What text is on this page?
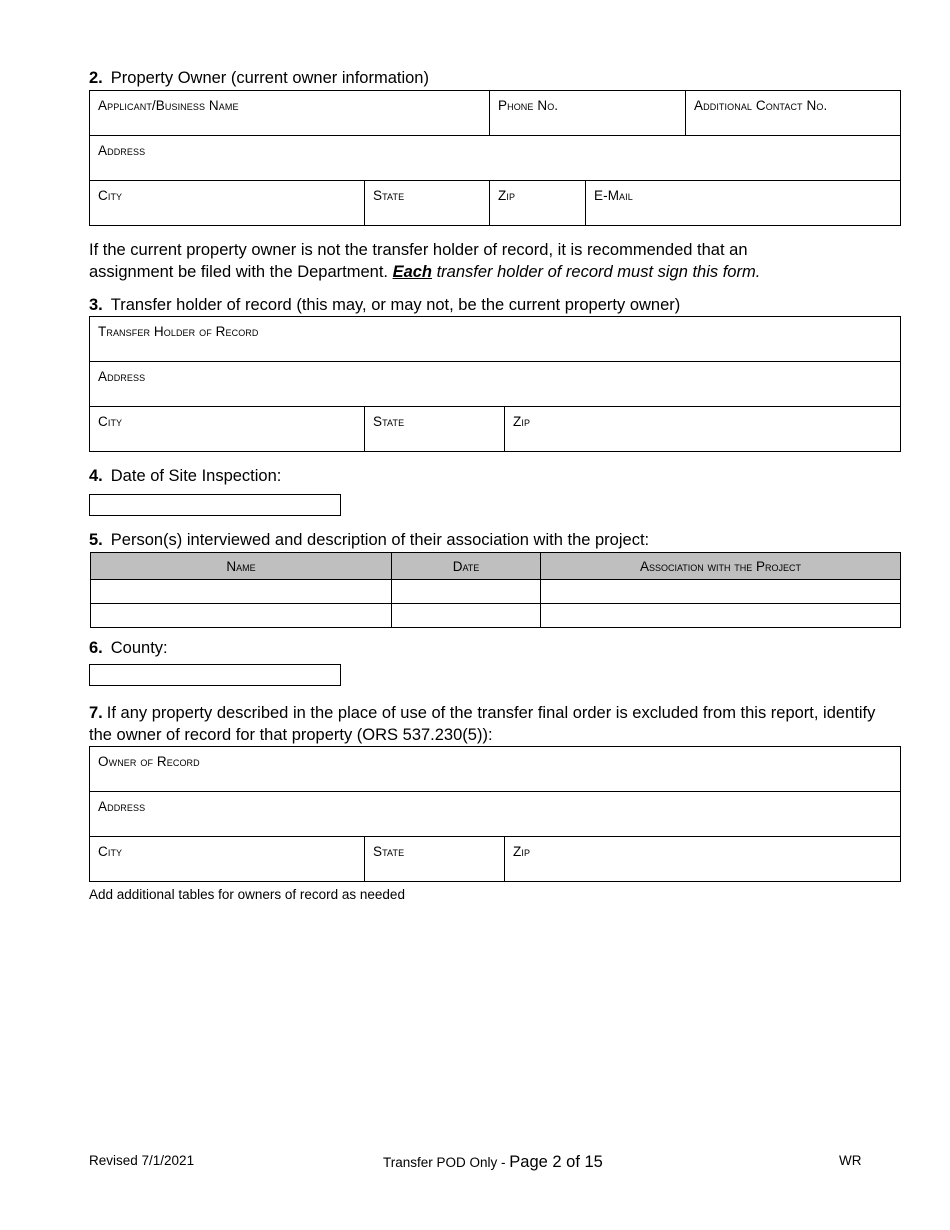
2. Property Owner (current owner information)
Applicant/Business Name		Phone No.		Additional Contact No.
Address				
City	State	Zip	E-Mail	
If the current property owner is not the transfer holder of record, it is recommended that an assignment be filed with the Department. Each transfer holder of record must sign this form.
3. Transfer holder of record (this may, or may not, be the current property owner)
Transfer Holder of Record
Address
City	State	Zip
4. Date of Site Inspection:
5. Person(s) interviewed and description of their association with the project:
Name	Date	Association with the Project

6. County:
7. If any property described in the place of use of the transfer final order is excluded from this report, identify the owner of record for that property (ORS 537.230(5)):
Owner of Record
Address
City	State	Zip
Add additional tables for owners of record as needed
Revised 7/1/2021	Transfer POD Only - Page 2 of 15	WR
